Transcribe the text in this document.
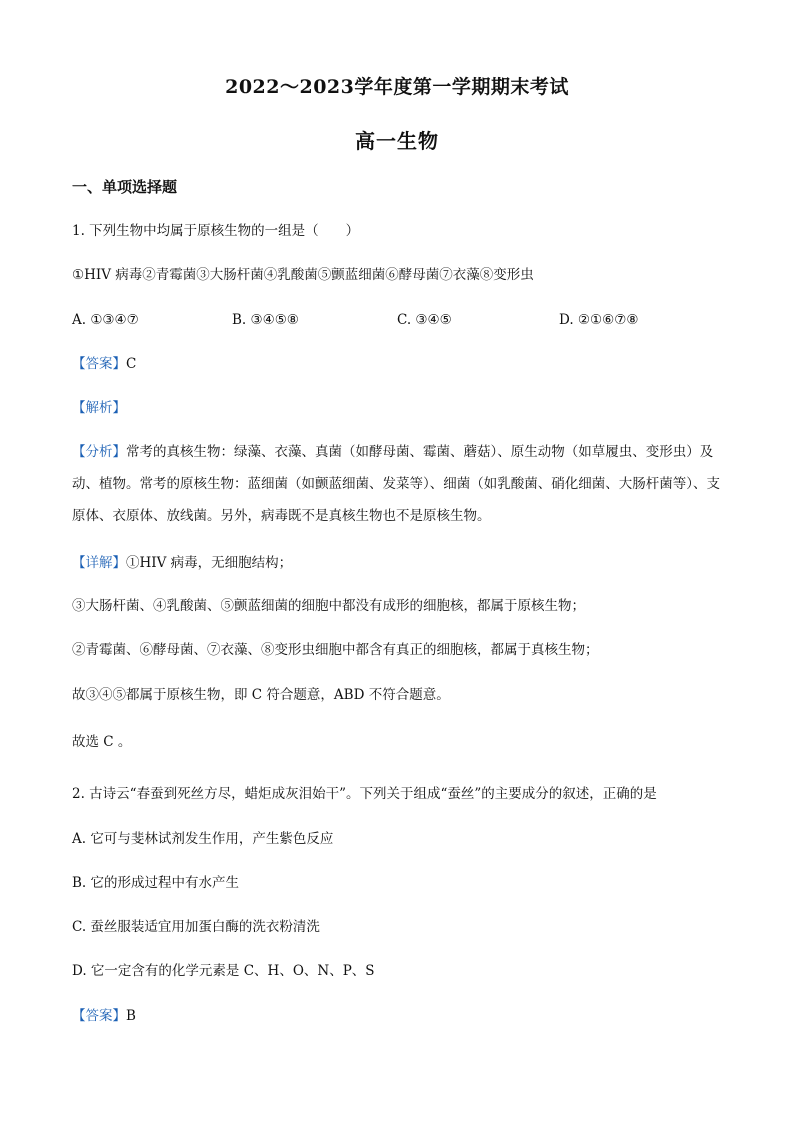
2022～2023学年度第一学期期末考试
高一生物
一、单项选择题
1. 下列生物中均属于原核生物的一组是（　　）
①HIV 病毒②青霉菌③大肠杆菌④乳酸菌⑤颤蓝细菌⑥酵母菌⑦衣藻⑧变形虫
A. ①③④⑦	B. ③④⑤⑧	C. ③④⑤	D. ②①⑥⑦⑧
【答案】C
【解析】
【分析】常考的真核生物：绿藻、衣藻、真菌（如酵母菌、霉菌、蘑菇）、原生动物（如草履虫、变形虫）及动、植物。常考的原核生物：蓝细菌（如颤蓝细菌、发菜等）、细菌（如乳酸菌、硝化细菌、大肠杆菌等）、支原体、衣原体、放线菌。另外，病毒既不是真核生物也不是原核生物。
【详解】①HIV 病毒，无细胞结构；
③大肠杆菌、④乳酸菌、⑤颤蓝细菌的细胞中都没有成形的细胞核，都属于原核生物；
②青霉菌、⑥酵母菌、⑦衣藻、⑧变形虫细胞中都含有真正的细胞核，都属于真核生物；
故③④⑤都属于原核生物，即 C 符合题意，ABD 不符合题意。
故选 C 。
2. 古诗云“春蚕到死丝方尽，蜡炬成灰泪始干”。下列关于组成“蚕丝”的主要成分的叙述，正确的是
A. 它可与斐林试剂发生作用，产生紫色反应
B. 它的形成过程中有水产生
C. 蚕丝服装适宜用加蛋白酶的洗衣粉清洗
D. 它一定含有的化学元素是 C、H、O、N、P、S
【答案】B
